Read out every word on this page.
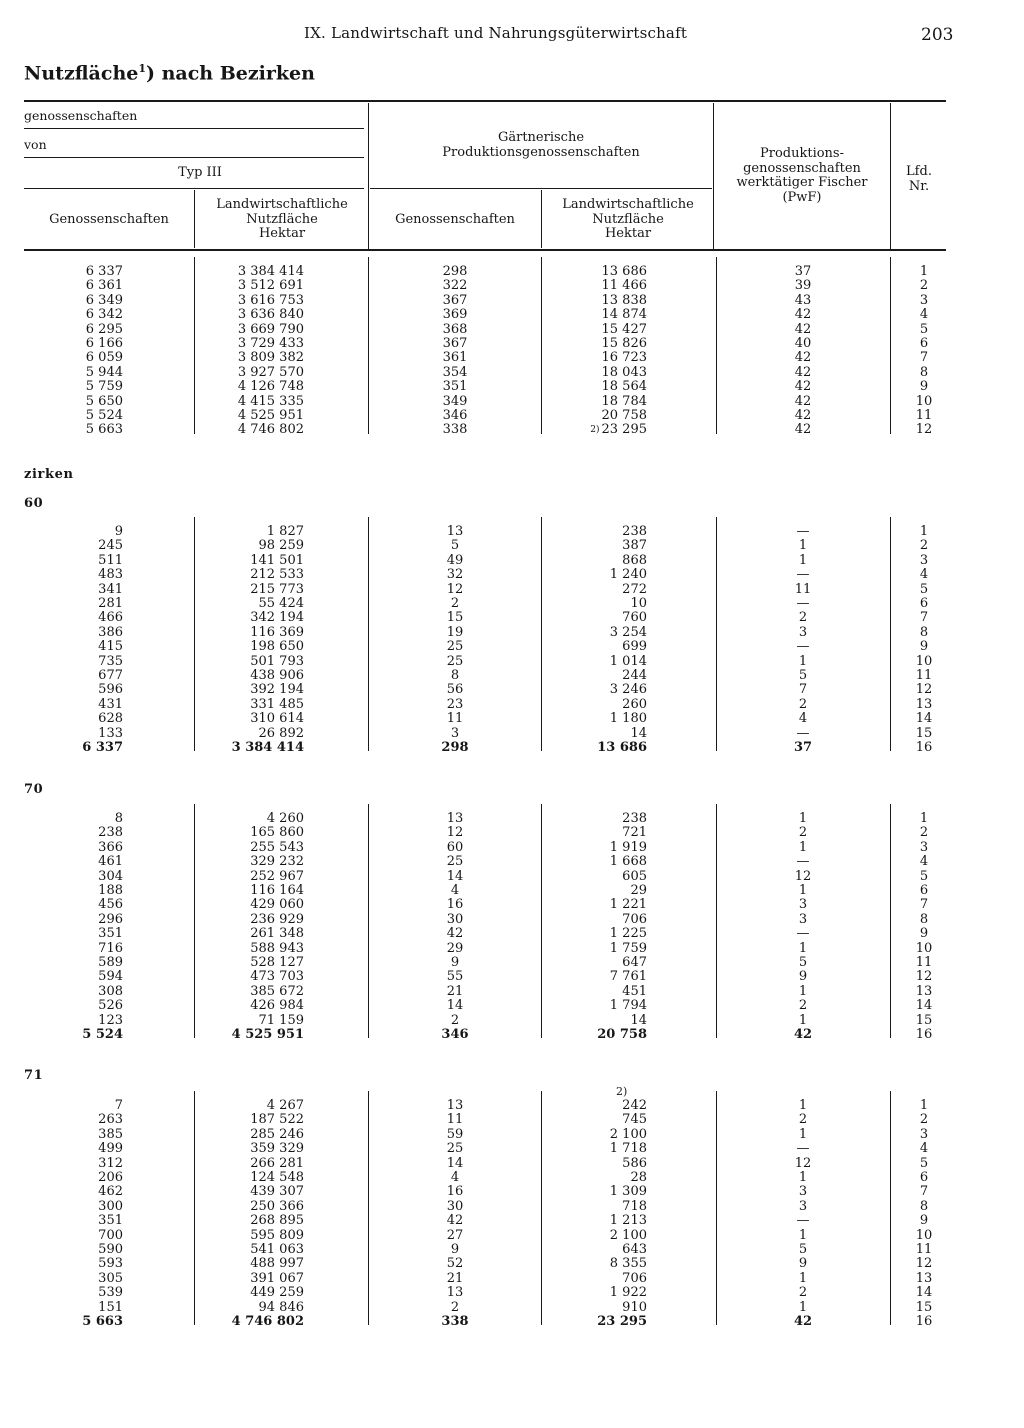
IX. Landwirtschaft und Nahrungsgüterwirtschaft	203
Nutzfläche$^1$) nach Bezirken
genossenschaften
von
Typ III
Genossenschaften
Landwirtschaftliche
Nutzfläche
Hektar
Gärtnerische
Produktionsgenossenschaften
Genossenschaften
Landwirtschaftliche
Nutzfläche
Hektar
Produktions-
genossenschaften
werktätiger Fischer
(PwF)
Lfd.
Nr.
zirken
60
70
71
6 337	3 384 414	298	13 686	37	1
6 361	3 512 691	322	11 466	39	2
6 349	3 616 753	367	13 838	43	3
6 342	3 636 840	369	14 874	42	4
6 295	3 669 790	368	15 427	42	5
6 166	3 729 433	367	15 826	40	6
6 059	3 809 382	361	16 723	42	7
5 944	3 927 570	354	18 043	42	8
5 759	4 126 748	351	18 564	42	9
5 650	4 415 335	349	18 784	42	10
5 524	4 525 951	346	20 758	42	11
5 663	4 746 802	338	$^{2)}$ 23 295	42	12
9	1 827	13	238	—	1
245	98 259	5	387	1	2
511	141 501	49	868	1	3
483	212 533	32	1 240	—	4
341	215 773	12	272	11	5
281	55 424	2	10	—	6
466	342 194	15	760	2	7
386	116 369	19	3 254	3	8
415	198 650	25	699	—	9
735	501 793	25	1 014	1	10
677	438 906	8	244	5	11
596	392 194	56	3 246	7	12
431	331 485	23	260	2	13
628	310 614	11	1 180	4	14
133	26 892	3	14	—	15
6 337	3 384 414	298	13 686	37	16
8	4 260	13	238	1	1
238	165 860	12	721	2	2
366	255 543	60	1 919	1	3
461	329 232	25	1 668	—	4
304	252 967	14	605	12	5
188	116 164	4	29	1	6
456	429 060	16	1 221	3	7
296	236 929	30	706	3	8
351	261 348	42	1 225	—	9
716	588 943	29	1 759	1	10
589	528 127	9	647	5	11
594	473 703	55	7 761	9	12
308	385 672	21	451	1	13
526	426 984	14	1 794	2	14
123	71 159	2	14	1	15
5 524	4 525 951	346	20 758	42	16
2)
7	4 267	13	242	1	1
263	187 522	11	745	2	2
385	285 246	59	2 100	1	3
499	359 329	25	1 718	—	4
312	266 281	14	586	12	5
206	124 548	4	28	1	6
462	439 307	16	1 309	3	7
300	250 366	30	718	3	8
351	268 895	42	1 213	—	9
700	595 809	27	2 100	1	10
590	541 063	9	643	5	11
593	488 997	52	8 355	9	12
305	391 067	21	706	1	13
539	449 259	13	1 922	2	14
151	94 846	2	910	1	15
5 663	4 746 802	338	23 295	42	16
